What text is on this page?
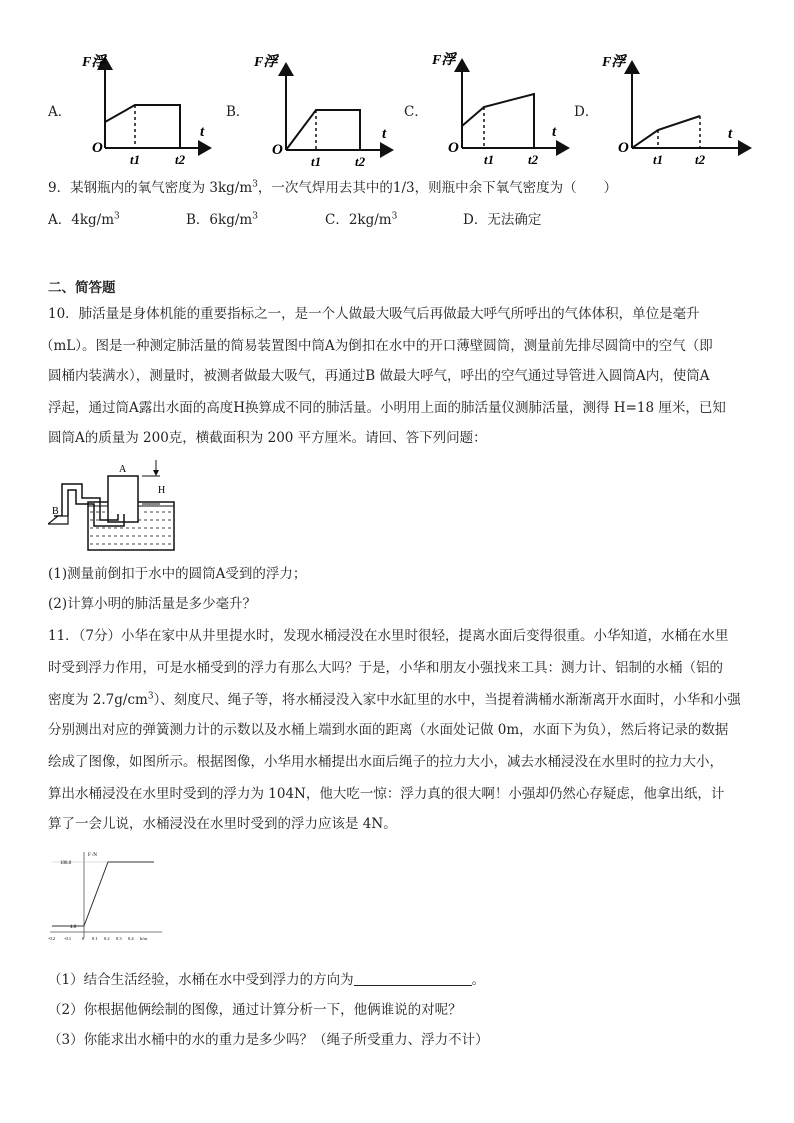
A．
F浮
O
t
t1	t2
B．
F浮
O
t
t1	t2
C．
F浮
O
t
t1	t2
D．
F浮
O
t
t1 t2
9．某钢瓶内的氧气密度为 $3kg/m^3$，一次气焊用去其中的1/3，则瓶中余下氧气密度为（　　）
A．$4kg/m^3$	B．$6kg/m^3$	C．$2kg/m^3$	D．无法确定
二、简答题
10．肺活量是身体机能的重要指标之一，是一个人做最大吸气后再做最大呼气所呼出的气体体积，单位是毫升
（mL）。图是一种测定肺活量的简易装置图中筒A为倒扣在水中的开口薄壁圆筒，测量前先排尽圆筒中的空气（即
圆桶内装满水），测量时，被测者做最大吸气，再通过B 做最大呼气，呼出的空气通过导管进入圆筒A内，使筒A
浮起，通过筒A露出水面的高度H换算成不同的肺活量。小明用上面的肺活量仪测肺活量，测得 H=18 厘米，已知
圆筒A的质量为 200克，横截面积为 200 平方厘米。请回、答下列问题：
A
H
B
(1)测量前倒扣于水中的圆筒A受到的浮力；
(2)计算小明的肺活量是多少毫升？
11．（7分）小华在家中从井里提水时，发现水桶浸没在水里时很轻，提离水面后变得很重。小华知道，水桶在水里
时受到浮力作用，可是水桶受到的浮力有那么大吗？于是，小华和朋友小强找来工具：测力计、铝制的水桶（铝的
密度为 $2.7g/cm^3$）、刻度尺、绳子等，将水桶浸没入家中水缸里的水中，当提着满桶水渐渐离开水面时，小华和小强
分别测出对应的弹簧测力计的示数以及水桶上端到水面的距离（水面处记做 0m，水面下为负），然后将记录的数据
绘成了图像，如图所示。根据图像，小华用水桶提出水面后绳子的拉力大小，减去水桶浸没在水里时的拉力大小，
算出水桶浸没在水里时受到的浮力为 104N，他大吃一惊：浮力真的很大啊！小强却仍然心存疑虑，他拿出纸，计
算了一会儿说，水桶浸没在水里时受到的浮力应该是 4N。
F /N
108.0
4.0
-0.2 -0.1 0 0.1 0.2 0.3 0.4 h/m
（1）结合生活经验，水桶在水中受到浮力的方向为	。
（2）你根据他俩绘制的图像，通过计算分析一下，他俩谁说的对呢？
（3）你能求出水桶中的水的重力是多少吗？（绳子所受重力、浮力不计）
